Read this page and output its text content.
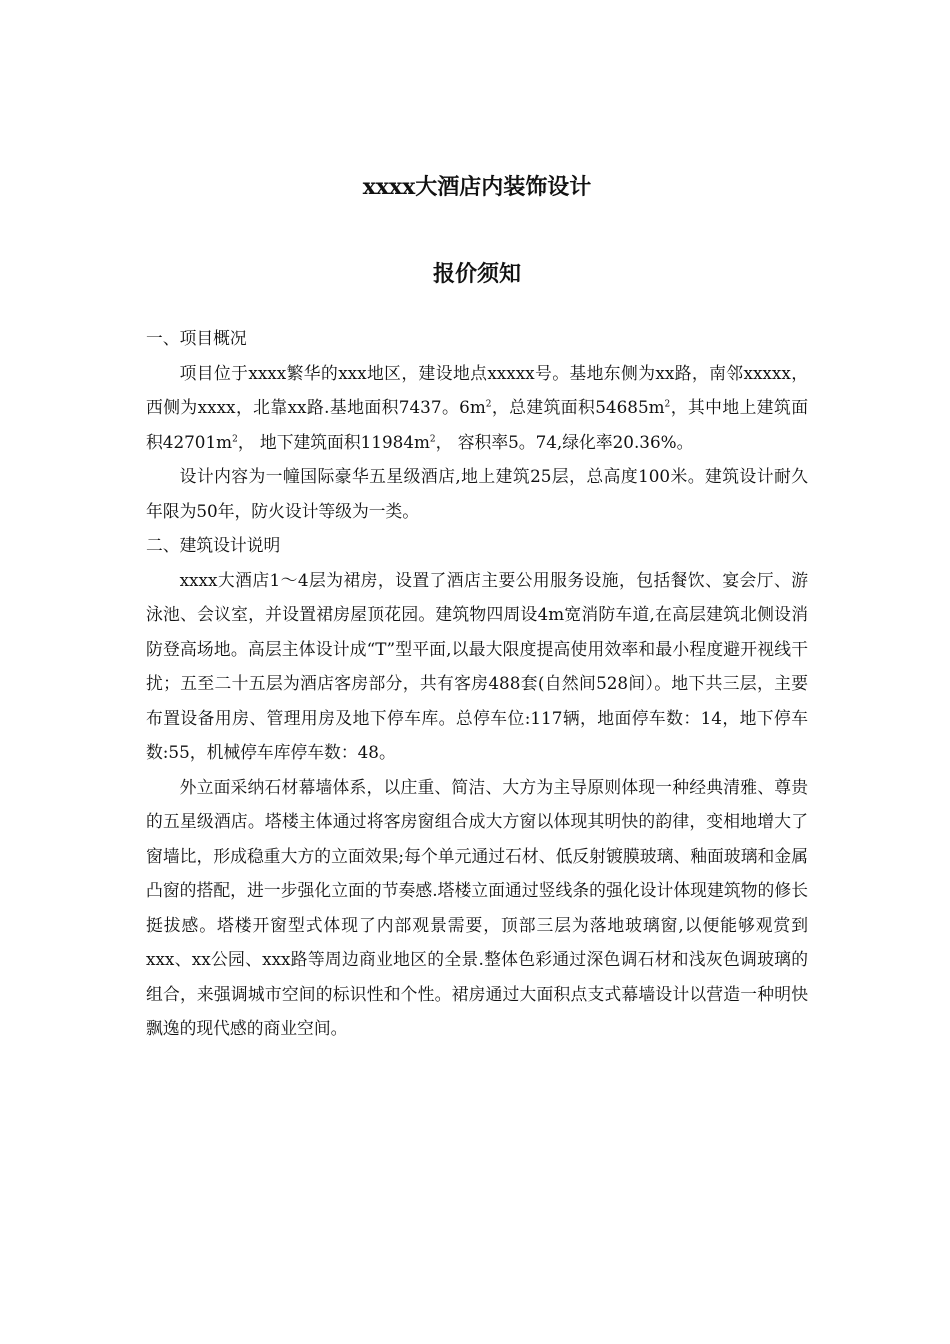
xxxx大酒店内装饰设计
报价须知

一、项目概况

项目位于xxxx繁华的xxx地区，建设地点xxxxx号。基地东侧为xx路，南邻xxxxx，西侧为xxxx，北靠xx路.基地面积7437。$6m^2$，总建筑面积$54685m^2$，其中地上建筑面积$42701m^2$， 地下建筑面积$11984m^2$， 容积率5。74,绿化率20.36%。

设计内容为一幢国际豪华五星级酒店,地上建筑25层，总高度100米。建筑设计耐久年限为50年，防火设计等级为一类。

二、建筑设计说明

xxxx大酒店1～4层为裙房，设置了酒店主要公用服务设施，包括餐饮、宴会厅、游泳池、会议室，并设置裙房屋顶花园。建筑物四周设4m宽消防车道,在高层建筑北侧设消防登高场地。高层主体设计成“T”型平面,以最大限度提高使用效率和最小程度避开视线干扰；五至二十五层为酒店客房部分，共有客房488套(自然间528间）。地下共三层，主要布置设备用房、管理用房及地下停车库。总停车位:117辆，地面停车数：14，地下停车数:55，机械停车库停车数：48。

外立面采纳石材幕墙体系，以庄重、简洁、大方为主导原则体现一种经典清雅、尊贵的五星级酒店。塔楼主体通过将客房窗组合成大方窗以体现其明快的韵律，变相地增大了窗墙比，形成稳重大方的立面效果;每个单元通过石材、低反射镀膜玻璃、釉面玻璃和金属凸窗的搭配，进一步强化立面的节奏感.塔楼立面通过竖线条的强化设计体现建筑物的修长挺拔感。塔楼开窗型式体现了内部观景需要，顶部三层为落地玻璃窗,以便能够观赏到xxx、xx公园、xxx路等周边商业地区的全景.整体色彩通过深色调石材和浅灰色调玻璃的组合，来强调城市空间的标识性和个性。裙房通过大面积点支式幕墙设计以营造一种明快飘逸的现代感的商业空间。
